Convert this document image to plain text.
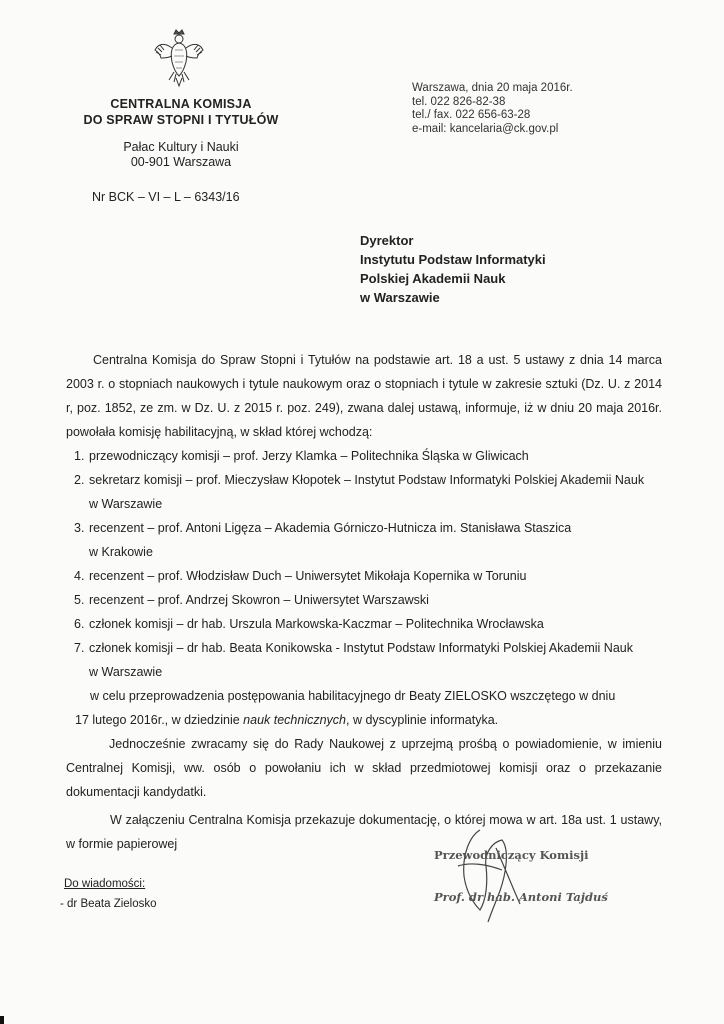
CENTRALNA KOMISJA
DO SPRAW STOPNI I TYTUŁÓW
Pałac Kultury i Nauki
00-901 Warszawa
Nr BCK – VI – L – 6343/16
Warszawa, dnia 20 maja 2016r.
tel. 022 826-82-38
tel./ fax. 022 656-63-28
e-mail: kancelaria@ck.gov.pl
Dyrektor
Instytutu Podstaw Informatyki
Polskiej Akademii Nauk
w Warszawie
Centralna Komisja do Spraw Stopni i Tytułów na podstawie art. 18 a ust. 5 ustawy z dnia 14 marca 2003 r. o stopniach naukowych i tytule naukowym oraz o stopniach i tytule w zakresie sztuki (Dz. U. z 2014 r, poz. 1852, ze zm. w Dz. U. z 2015 r. poz. 249), zwana dalej ustawą, informuje, iż w dniu 20 maja 2016r. powołała komisję habilitacyjną, w skład której wchodzą:
1. przewodniczący komisji – prof. Jerzy Klamka – Politechnika Śląska w Gliwicach
2. sekretarz komisji – prof. Mieczysław Kłopotek – Instytut Podstaw Informatyki Polskiej Akademii Nauk
w Warszawie
3. recenzent – prof. Antoni Ligęza – Akademia Górniczo-Hutnicza im. Stanisława Staszica
w Krakowie
4. recenzent – prof. Włodzisław Duch – Uniwersytet Mikołaja Kopernika w Toruniu
5. recenzent – prof. Andrzej Skowron – Uniwersytet Warszawski
6. członek komisji – dr hab. Urszula Markowska-Kaczmar – Politechnika Wrocławska
7. członek komisji – dr hab. Beata Konikowska - Instytut Podstaw Informatyki Polskiej Akademii Nauk
w Warszawie
w celu przeprowadzenia postępowania habilitacyjnego dr Beaty ZIELOSKO wszczętego w dniu
17 lutego 2016r., w dziedzinie nauk technicznych, w dyscyplinie informatyka.
Jednocześnie zwracamy się do Rady Naukowej z uprzejmą prośbą o powiadomienie, w imieniu Centralnej Komisji, ww. osób o powołaniu ich w skład przedmiotowej komisji oraz o przekazanie dokumentacji kandydatki.
W załączeniu Centralna Komisja przekazuje dokumentację, o której mowa w art. 18a ust. 1 ustawy, w formie papierowej
Przewodniczący Komisji
Prof. dr hab. Antoni Tajduś
Do wiadomości:
- dr Beata Zielosko
